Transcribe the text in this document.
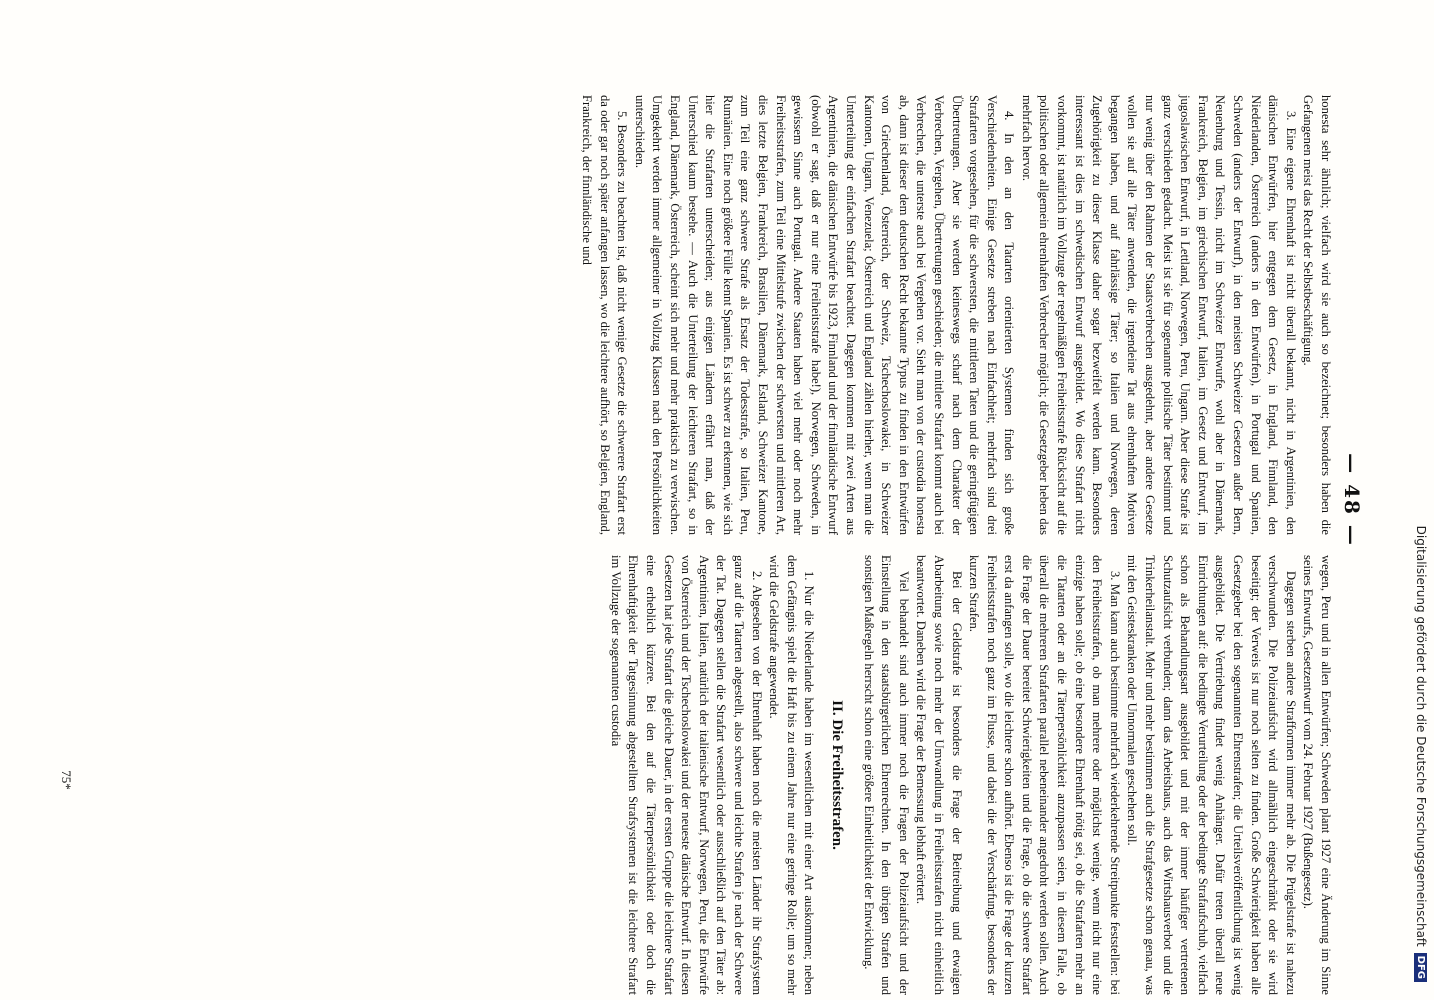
Digitalisierung gefördert durch die Deutsche Forschungsgemeinschaft
DFG
— 48 —

honesta sehr ähnlich; vielfach wird sie auch so bezeichnet; besonders haben die Gefangenen meist das Recht der Selbstbeschäftigung.

3. Eine eigene Ehrenhaft ist nicht überall bekannt, nicht in Argentinien, den dänischen Entwürfen, hier entgegen dem Gesetz, in England, Finnland, den Niederlanden, Österreich (anders in den Entwürfen), in Portugal und Spanien, Schweden (anders der Entwurf), in den meisten Schweizer Gesetzen außer Bern, Neuenburg und Tessin, nicht im Schweizer Entwurfe, wohl aber in Dänemark, Frankreich, Belgien, im griechischen Entwurf, Italien, im Gesetz und Entwurf, im jugoslawischen Entwurf, in Lettland, Norwegen, Peru, Ungarn. Aber diese Strafe ist ganz verschieden gedacht. Meist ist sie für sogenannte politische Täter bestimmt und nur wenig über den Rahmen der Staatsverbrechen ausgedehnt, aber andere Gesetze wollen sie auf alle Täter anwenden, die irgendeine Tat aus ehrenhaften Motiven begangen haben, und auf fahrlässige Täter; so Italien und Norwegen, deren Zugehörigkeit zu dieser Klasse daher sogar bezweifelt werden kann. Besonders interessant ist dies im schwedischen Entwurf ausgebildet. Wo diese Strafart nicht vorkommt, ist natürlich im Vollzuge der regelmäßigen Freiheitsstrafe Rücksicht auf die politischen oder allgemein ehrenhaften Verbrecher möglich; die Gesetzgeber heben das mehrfach hervor.

4. In den an den Tatarten orientierten Systemen finden sich große Verschiedenheiten. Einige Gesetze streben nach Einfachheit; mehrfach sind drei Strafarten vorgesehen, für die schwersten, die mittleren Taten und die geringfügigen Übertretungen. Aber sie werden keineswegs scharf nach dem Charakter der Verbrechen, Vergehen, Übertretungen geschieden; die mittlere Strafart kommt auch bei Verbrechen, die unterste auch bei Vergehen vor. Sieht man von der custodia honesta ab, dann ist dieser dem deutschen Recht bekannte Typus zu finden in den Entwürfen von Griechenland, Österreich, der Schweiz, Tschechoslowakei, in Schweizer Kantonen, Ungarn, Venezuela; Österreich und England zählen hierher, wenn man die Unterteilung der einfachen Strafart beachtet. Dagegen kommen mit zwei Arten aus Argentinien, die dänischen Entwürfe bis 1923, Finnland und der finnländische Entwurf (obwohl er sagt, daß er nur eine Freiheitsstrafe habe!), Norwegen, Schweden, in gewissem Sinne auch Portugal. Andere Staaten haben viel mehr oder noch mehr Freiheitsstrafen, zum Teil eine Mittelstufe zwischen der schwersten und mittleren Art, dies letzte Belgien, Frankreich, Brasilien, Dänemark, Estland, Schweizer Kantone, zum Teil eine ganz schwere Strafe als Ersatz der Todesstrafe, so Italien, Peru, Rumänien. Eine noch größere Fülle kennt Spanien. Es ist schwer zu erkennen, wie sich hier die Strafarten unterscheiden; aus einigen Ländern erfährt man, daß der Unterschied kaum bestehe. — Auch die Unterteilung der leichteren Strafart, so in England, Dänemark, Österreich, scheint sich mehr und mehr praktisch zu verwischen. Umgekehrt werden immer allgemeiner in Vollzug Klassen nach den Persönlichkeiten unterschieden.

5. Besonders zu beachten ist, daß nicht wenige Gesetze die schwerere Strafart erst da oder gar noch später anfangen lassen, wo die leichtere aufhört, so Belgien, England, Frankreich, der finnländische und

wegen, Peru und in allen Entwürfen; Schweden plant 1927 eine Änderung im Sinne seines Entwurfs, Gesetzentwurf vom 24. Februar 1927 (Bußengesetz).

Dagegen sterben andere Strafformen immer mehr ab. Die Prügelstrafe ist nahezu verschwunden. Die Polizeiaufsicht wird allmählich eingeschränkt oder sie wird beseitigt; der Verweis ist nur noch selten zu finden. Große Schwierigkeit haben alle Gesetzgeber bei den sogenannten Ehrenstrafen; die Urteilsveröffentlichung ist wenig ausgebildet. Die Vertriebung findet wenig Anhänger. Dafür treten überall neue Einrichtungen auf: die bedingte Verurteilung oder der bedingte Strafaufschub, vielfach schon als Behandlungsart ausgebildet und mit der immer häufiger vertretenen Schutzaufsicht verbunden; dann das Arbeitshaus, auch das Wirtshausverbot und die Trinkerheilanstalt. Mehr und mehr bestimmen auch die Strafgesetze schon genau, was mit den Geisteskranken oder Unnormalen geschehen soll.

3. Man kann auch bestimmte mehrfach wiederkehrende Streitpunkte feststellen: bei den Freiheitsstrafen, ob man mehrere oder möglichst wenige, wenn nicht nur eine einzige haben solle; ob eine besondere Ehrenhaft nötig sei, ob die Strafarten mehr an die Tatarten oder an die Täterpersönlichkeit anzupassen seien, in diesem Falle, ob überall die mehreren Strafarten parallel nebeneinander angedroht werden sollen. Auch die Frage der Dauer bereitet Schwierigkeiten und die Frage, ob die schwere Strafart erst da anfangen solle, wo die leichtere schon aufhört. Ebenso ist die Frage der kurzen Freiheitsstrafen noch ganz im Flusse, und dabei die der Verschärfung, besonders der kurzen Strafen.

Bei der Geldstrafe ist besonders die Frage der Beitreibung und etwaigen Abarbeitung sowie noch mehr der Umwandlung in Freiheitsstrafen nicht einheitlich beantwortet. Daneben wird die Frage der Bemessung lebhaft erörtert.

Viel behandelt sind auch immer noch die Fragen der Polizeiaufsicht und der Einstellung in den staatsbürgerlichen Ehrenrechten. In den übrigen Strafen und sonstigen Maßregeln herrscht schon eine größere Einheitlichkeit der Entwicklung.

II. Die Freiheitsstrafen.

1. Nur die Niederlande haben im wesentlichen mit einer Art auskommen; neben dem Gefängnis spielt die Haft bis zu einem Jahre nur eine geringe Rolle; um so mehr wird die Geldstrafe angewendet.

2. Abgesehen von der Ehrenhaft haben noch die meisten Länder ihr Strafsystem ganz auf die Tatarten abgestellt, also schwere und leichte Strafen je nach der Schwere der Tat. Dagegen stellen die Strafart wesentlich oder ausschließlich auf den Täter ab: Argentinien, Italien, natürlich der italienische Entwurf, Norwegen, Peru, die Entwürfe von Österreich und der Tschechoslowakei und der neueste dänische Entwurf. In diesen Gesetzen hat jede Strafart die gleiche Dauer, in der ersten Gruppe die leichtere Strafart eine erheblich kürzere. Bei den auf die Täterpersönlichkeit oder doch die Ehrenhaftigkeit der Tatgesinnung abgestellten Strafsystemen ist die leichtere Strafart im Vollzuge der sogenannten custodia

75*
